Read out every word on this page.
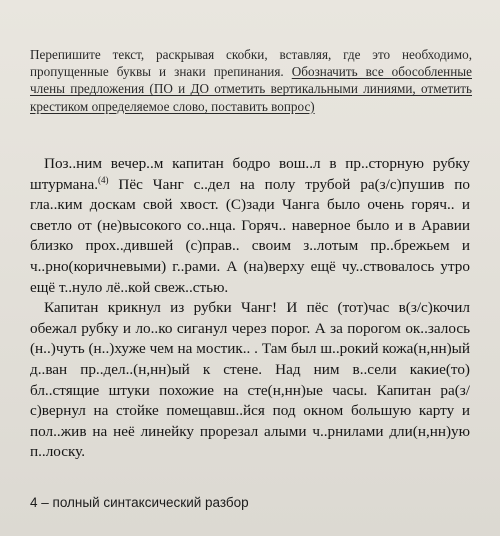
Перепишите текст, раскрывая скобки, вставляя, где это необходимо, пропущенные буквы и знаки препинания. Обозначить все обособленные члены предложения (ПО и ДО отметить вертикальными линиями, отметить крестиком определяемое слово, поставить вопрос)

Поз..ним вечер..м капитан бодро вош..л в пр..сторную рубку штурмана.$^{(4)}$ Пёс Чанг с..дел на полу трубой ра(з/с)пушив по гла..ким доскам свой хвост. (С)зади Чанга было очень горяч.. и светло от (не)высокого со..нца. Горяч.. наверное было и в Аравии близко прох..дившей (с)прав.. своим з..лотым пр..брежьем и ч..рно(коричневыми) г..рами. А (на)верху ещё чу..ствовалось утро ещё т..нуло лё..кой свеж..стью.

Капитан крикнул из рубки Чанг! И пёс (тот)час в(з/с)кочил обежал рубку и ло..ко сиганул через порог. А за порогом ок..залось (н..)чуть (н..)хуже чем на мостик.. . Там был ш..рокий кожа(н,нн)ый д..ван пр..дел..(н,нн)ый к стене. Над ним в..сели какие(то) бл..стящие штуки похожие на сте(н,нн)ые часы. Капитан ра(з/с)вернул на стойке помещавш..йся под окном большую карту и пол..жив на неё линейку прорезал алыми ч..рнилами дли(н,нн)ую п..лоску.

4 – полный синтаксический разбор
